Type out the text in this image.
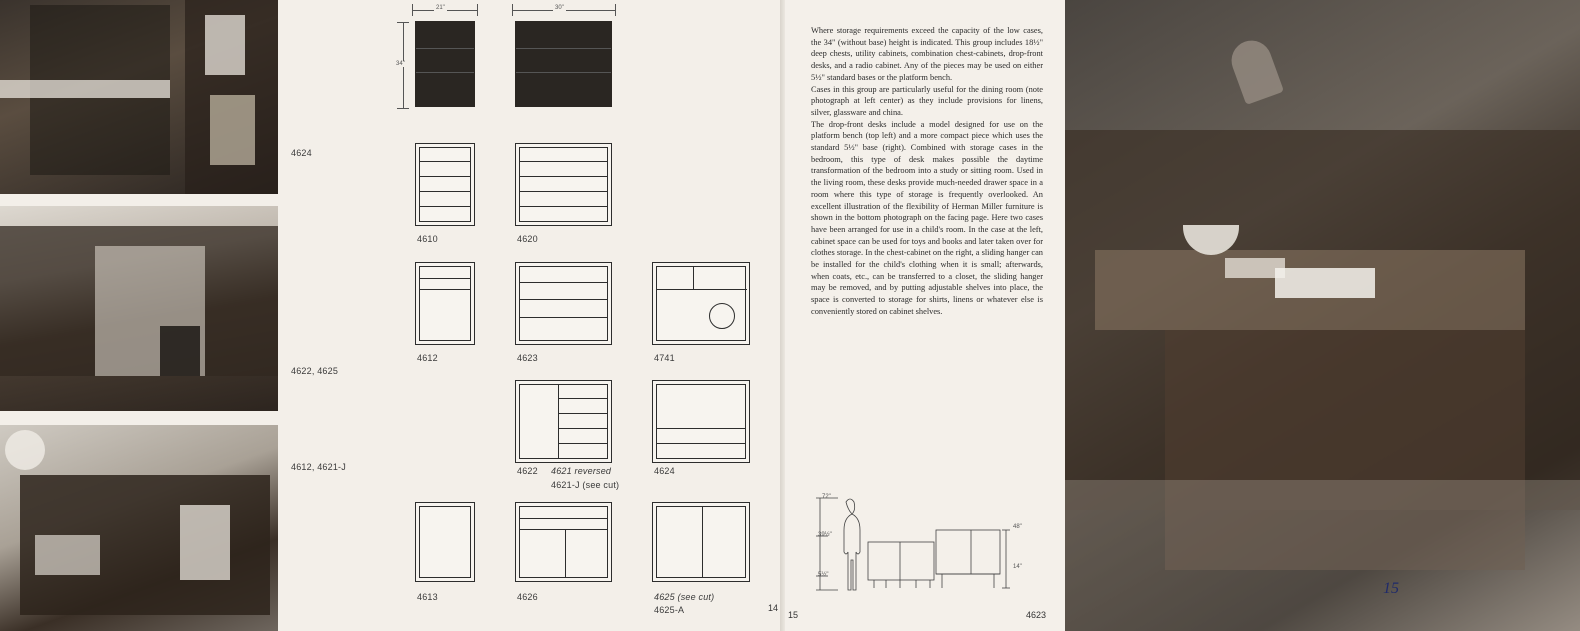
4624
4622, 4625
4612, 4621-J
21"	30"
34"
4610	4620
4612	4623	4741
4622 4621 reversed
4621-J (see cut)
4624
4613	4626	4625 (see cut)
4625-A	14

Where storage requirements exceed the capacity of the low cases, the 34" (without base) height is indicated. This group includes 18½" deep chests, utility cabinets, combination chest-cabinets, drop-front desks, and a radio cabinet. Any of the pieces may be used on either 5½" standard bases or the platform bench.

Cases in this group are particularly useful for the dining room (note photograph at left center) as they include provisions for linens, silver, glassware and china.

The drop-front desks include a model designed for use on the platform bench (top left) and a more compact piece which uses the standard 5½" base (right). Combined with storage cases in the bedroom, this type of desk makes possible the daytime transformation of the bedroom into a study or sitting room. Used in the living room, these desks provide much-needed drawer space in a room where this type of storage is frequently overlooked. An excellent illustration of the flexibility of Herman Miller furniture is shown in the bottom photograph on the facing page. Here two cases have been arranged for use in a child's room. In the case at the left, cabinet space can be used for toys and books and later taken over for clothes storage. In the chest-cabinet on the right, a sliding hanger can be installed for the child's clothing when it is small; afterwards, when coats, etc., can be transferred to a closet, the sliding hanger may be removed, and by putting adjustable shelves into place, the space is converted to storage for shirts, linens or whatever else is conveniently stored on cabinet shelves.

72"
39½"
5½"
48"
14"
15	4623
15
